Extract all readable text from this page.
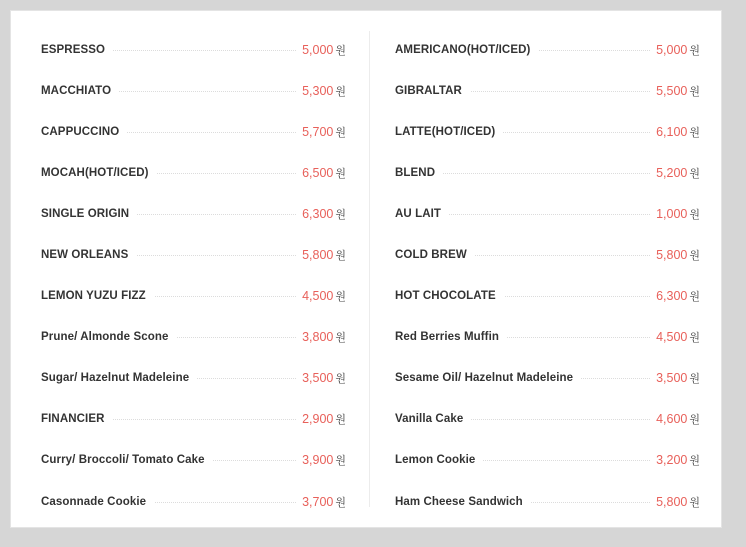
ESPRESSO	5,000 원
MACCHIATO	5,300 원
CAPPUCCINO	5,700 원
MOCAH(HOT/ICED)	6,500 원
SINGLE ORIGIN	6,300 원
NEW ORLEANS	5,800 원
LEMON YUZU FIZZ	4,500 원
Prune/ Almonde Scone	3,800 원
Sugar/ Hazelnut Madeleine	3,500 원
FINANCIER	2,900 원
Curry/ Broccoli/ Tomato Cake	3,900 원
Casonnade Cookie	3,700 원
AMERICANO(HOT/ICED)	5,000 원
GIBRALTAR	5,500 원
LATTE(HOT/ICED)	6,100 원
BLEND	5,200 원
AU LAIT	1,000 원
COLD BREW	5,800 원
HOT CHOCOLATE	6,300 원
Red Berries Muffin	4,500 원
Sesame Oil/ Hazelnut Madeleine	3,500 원
Vanilla Cake	4,600 원
Lemon Cookie	3,200 원
Ham Cheese Sandwich	5,800 원
